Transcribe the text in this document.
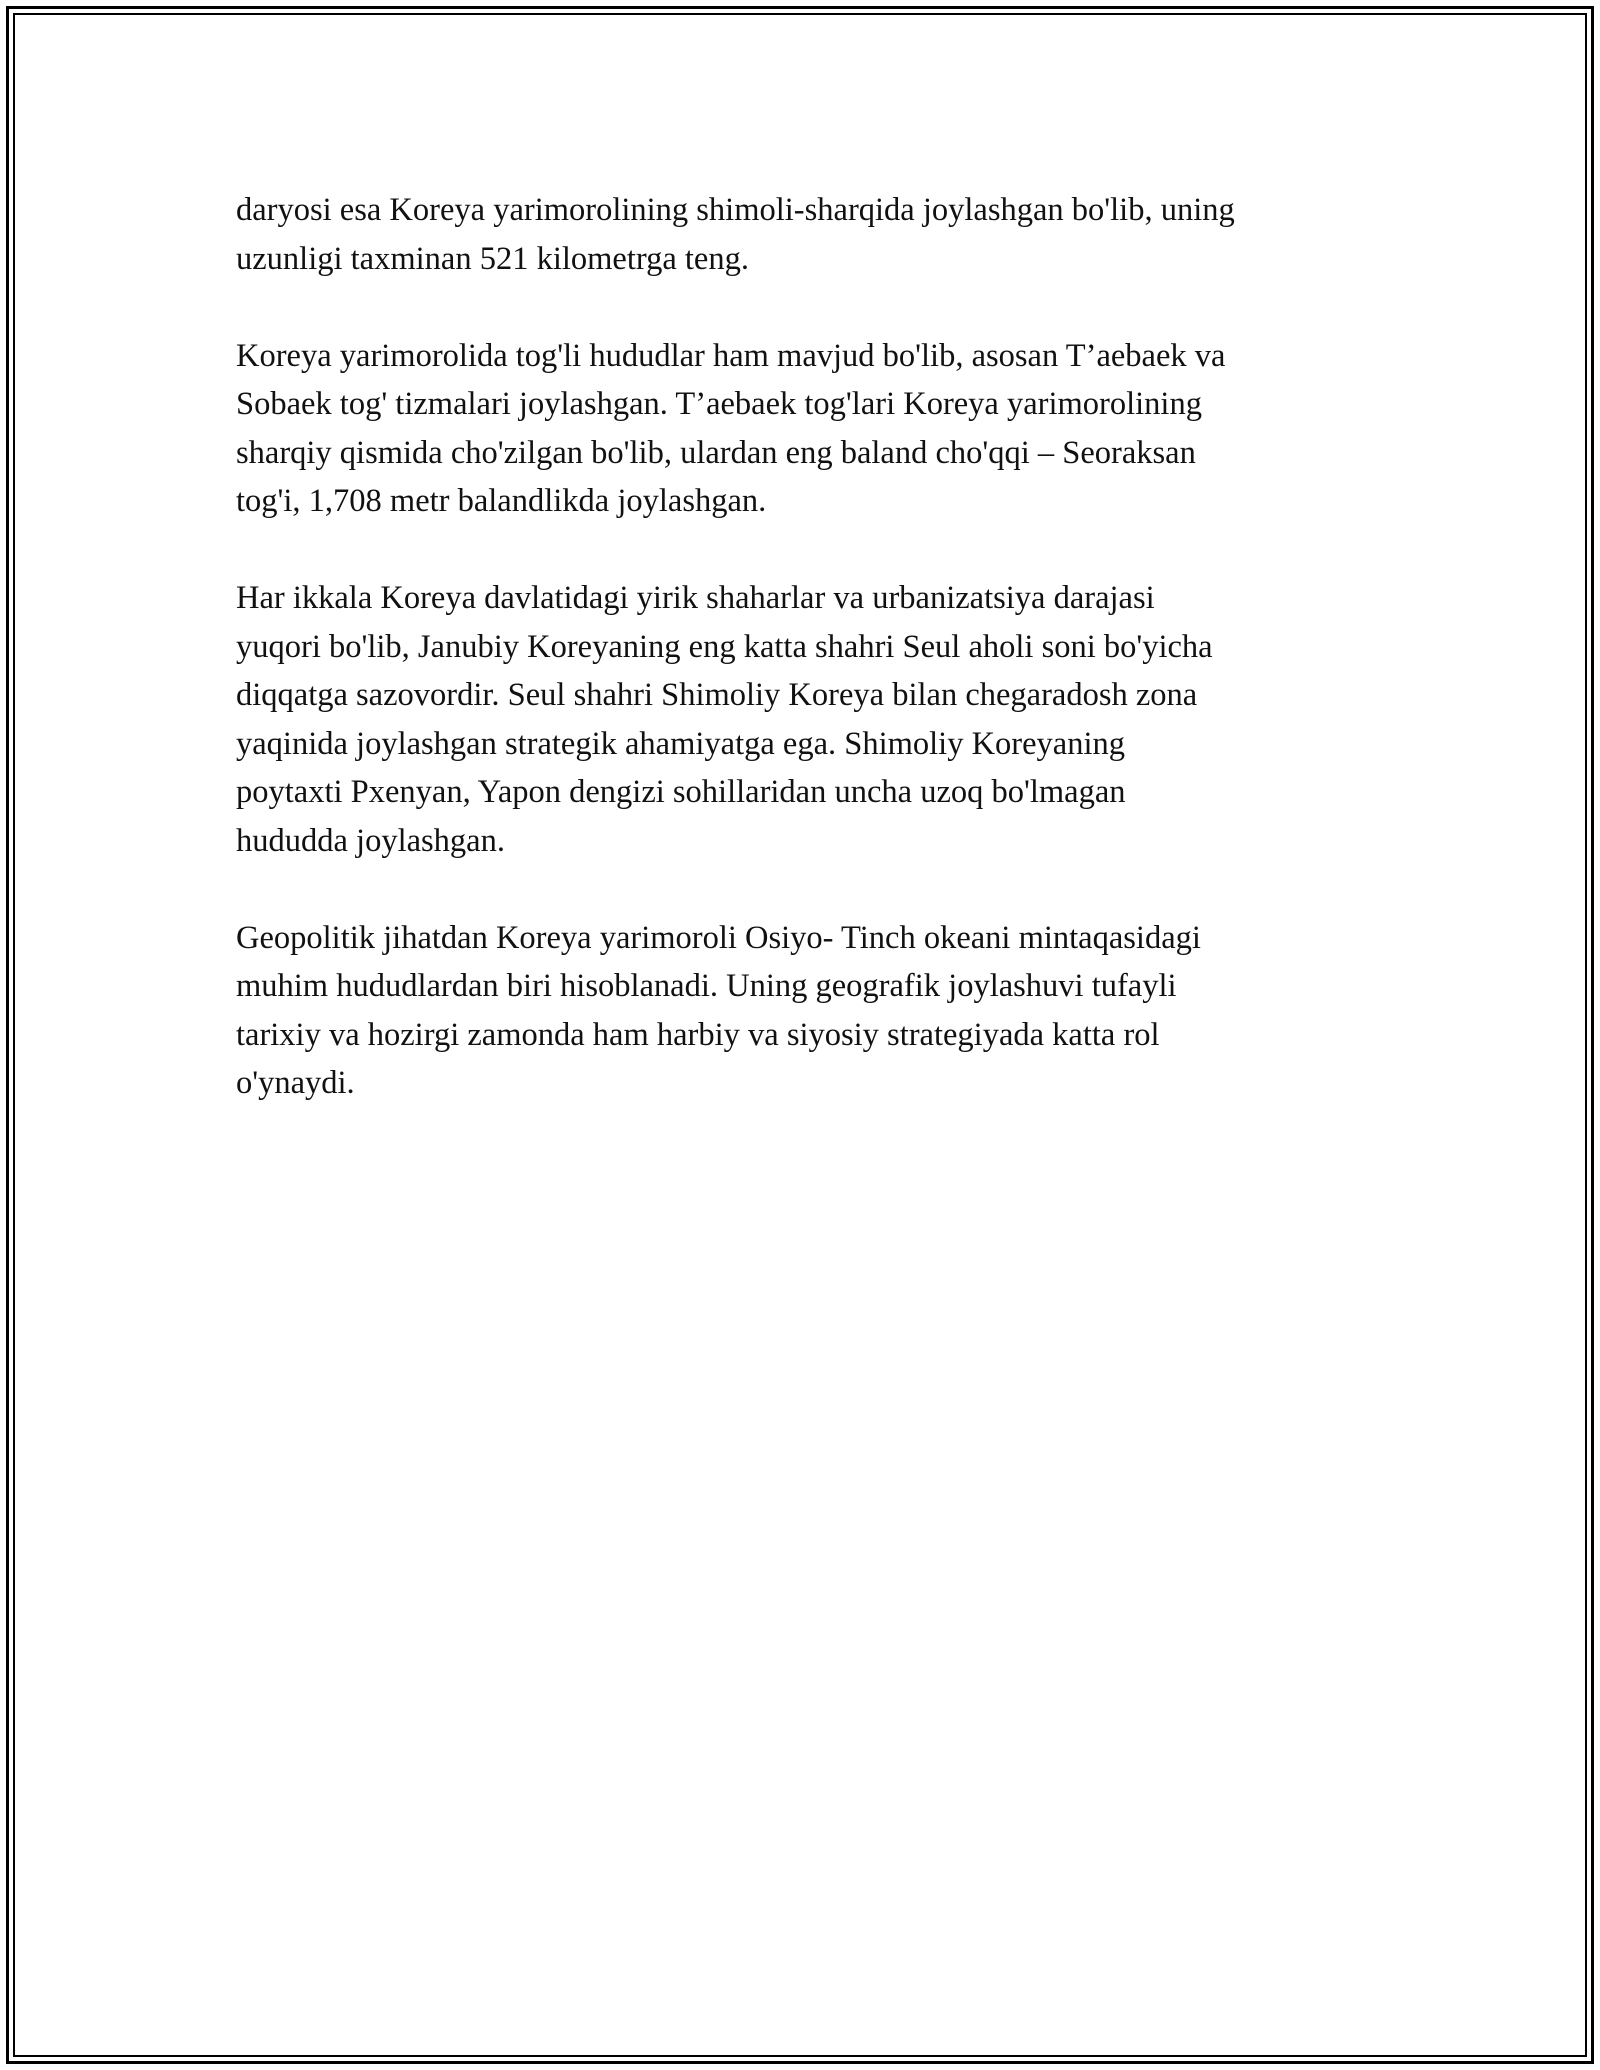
daryosi esa Koreya yarimorolining shimoli-sharqida joylashgan bo'lib, uning
uzunligi taxminan 521 kilometrga teng.

Koreya yarimorolida tog'li hududlar ham mavjud bo'lib, asosan T’aebaek va
Sobaek tog' tizmalari joylashgan. T’aebaek tog'lari Koreya yarimorolining
sharqiy qismida cho'zilgan bo'lib, ulardan eng baland cho'qqi – Seoraksan
tog'i, 1,708 metr balandlikda joylashgan.

Har ikkala Koreya davlatidagi yirik shaharlar va urbanizatsiya darajasi
yuqori bo'lib, Janubiy Koreyaning eng katta shahri Seul aholi soni bo'yicha
diqqatga sazovordir. Seul shahri Shimoliy Koreya bilan chegaradosh zona
yaqinida joylashgan strategik ahamiyatga ega. Shimoliy Koreyaning
poytaxti Pxenyan, Yapon dengizi sohillaridan uncha uzoq bo'lmagan
hududda joylashgan.

Geopolitik jihatdan Koreya yarimoroli Osiyo- Tinch okeani mintaqasidagi
muhim hududlardan biri hisoblanadi. Uning geografik joylashuvi tufayli
tarixiy va hozirgi zamonda ham harbiy va siyosiy strategiyada katta rol
o'ynaydi.
